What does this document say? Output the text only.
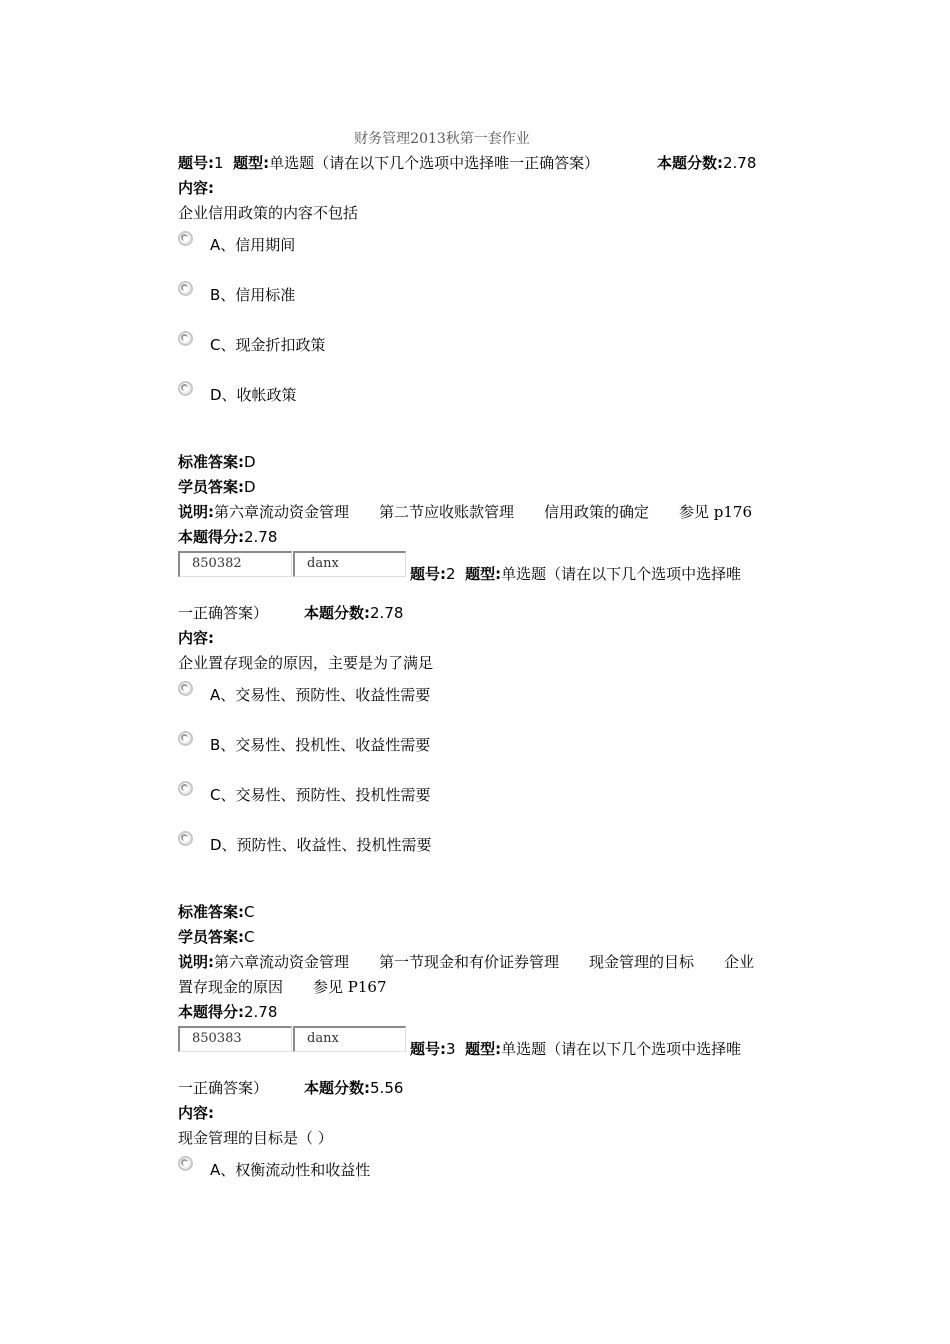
财务管理2013秋第一套作业
题号:1 题型:单选题（请在以下几个选项中选择唯一正确答案）	本题分数:2.78
内容:
企业信用政策的内容不包括
A、信用期间
B、信用标准
C、现金折扣政策
D、收帐政策
标准答案:D
学员答案:D
说明:第六章流动资金管理　　第二节应收账款管理　　信用政策的确定　　参见 p176
本题得分:2.78
850382	danx
题号:2 题型:单选题（请在以下几个选项中选择唯
一正确答案） 本题分数:2.78
内容:
企业置存现金的原因，主要是为了满足
A、交易性、预防性、收益性需要
B、交易性、投机性、收益性需要
C、交易性、预防性、投机性需要
D、预防性、收益性、投机性需要
标准答案:C
学员答案:C
说明:第六章流动资金管理　　第一节现金和有价证券管理　　现金管理的目标　　企业
置存现金的原因　　参见 P167
本题得分:2.78
850383	danx
题号:3 题型:单选题（请在以下几个选项中选择唯
一正确答案） 本题分数:5.56
内容:
现金管理的目标是（ ）
A、权衡流动性和收益性
